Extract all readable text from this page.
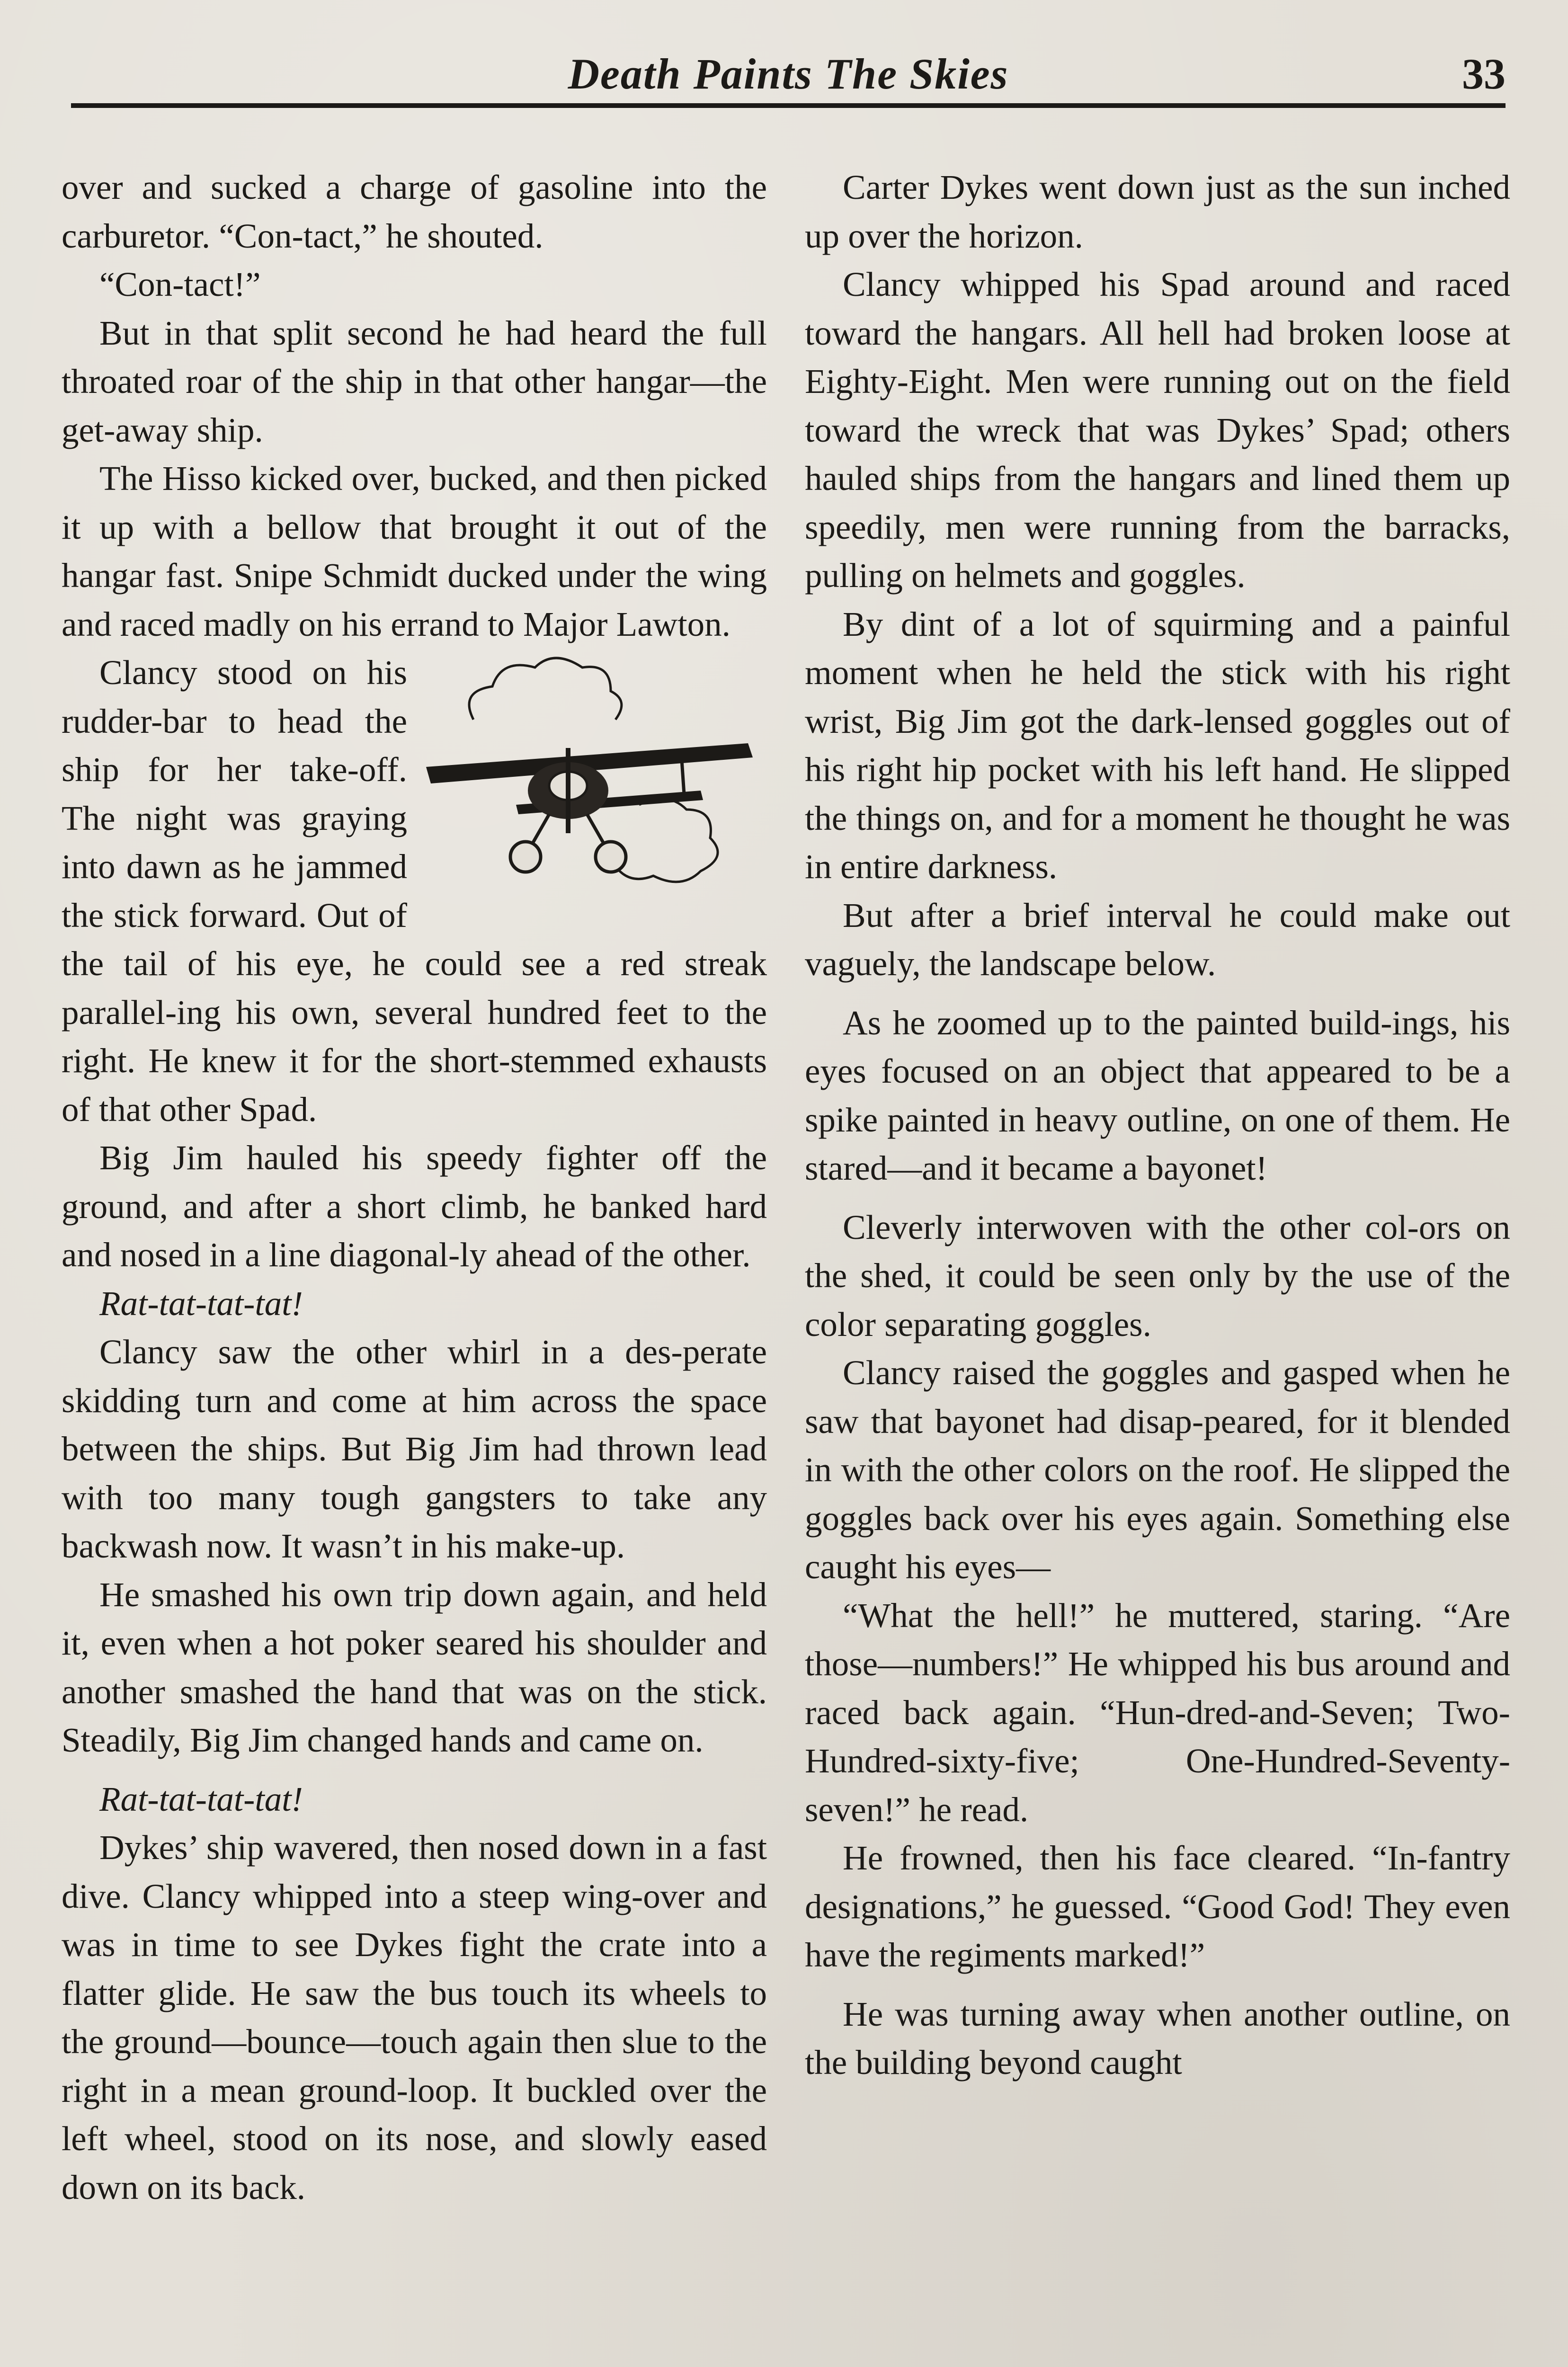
Death Paints The Skies	33

over and sucked a charge of gasoline into the carburetor. “Con-tact,” he shouted.

“Con-tact!”

But in that split second he had heard the full throated roar of the ship in that other hangar—the get-away ship.

The Hisso kicked over, bucked, and then picked it up with a bellow that brought it out of the hangar fast. Snipe Schmidt ducked under the wing and raced madly on his errand to Major Lawton.

Clancy stood on his rudder-bar to head the ship for her take-off. The night was graying into dawn as he jammed the stick forward. Out of the tail of his eye, he could see a red streak parallel-ing his own, several hundred feet to the right. He knew it for the short-stemmed exhausts of that other Spad.

Big Jim hauled his speedy fighter off the ground, and after a short climb, he banked hard and nosed in a line diagonal-ly ahead of the other.

Rat-tat-tat-tat!

Clancy saw the other whirl in a des-perate skidding turn and come at him across the space between the ships. But Big Jim had thrown lead with too many tough gangsters to take any backwash now. It wasn’t in his make-up.

He smashed his own trip down again, and held it, even when a hot poker seared his shoulder and another smashed the hand that was on the stick. Steadily, Big Jim changed hands and came on.

Rat-tat-tat-tat!

Dykes’ ship wavered, then nosed down in a fast dive. Clancy whipped into a steep wing-over and was in time to see Dykes fight the crate into a flatter glide. He saw the bus touch its wheels to the ground—bounce—touch again then slue to the right in a mean ground-loop. It buckled over the left wheel, stood on its nose, and slowly eased down on its back.

Carter Dykes went down just as the sun inched up over the horizon.

Clancy whipped his Spad around and raced toward the hangars. All hell had broken loose at Eighty-Eight. Men were running out on the field toward the wreck that was Dykes’ Spad; others hauled ships from the hangars and lined them up speedily, men were running from the barracks, pulling on helmets and goggles.

By dint of a lot of squirming and a painful moment when he held the stick with his right wrist, Big Jim got the dark-lensed goggles out of his right hip pocket with his left hand. He slipped the things on, and for a moment he thought he was in entire darkness.

But after a brief interval he could make out vaguely, the landscape below.

As he zoomed up to the painted build-ings, his eyes focused on an object that appeared to be a spike painted in heavy outline, on one of them. He stared—and it became a bayonet!

Cleverly interwoven with the other col-ors on the shed, it could be seen only by the use of the color separating goggles.

Clancy raised the goggles and gasped when he saw that bayonet had disap-peared, for it blended in with the other colors on the roof. He slipped the goggles back over his eyes again. Something else caught his eyes—

“What the hell!” he muttered, staring. “Are those—numbers!” He whipped his bus around and raced back again. “Hun-dred-and-Seven; Two-Hundred-sixty-five; One-Hundred-Seventy-seven!” he read.

He frowned, then his face cleared. “In-fantry designations,” he guessed. “Good God! They even have the regiments marked!”

He was turning away when another outline, on the building beyond caught
